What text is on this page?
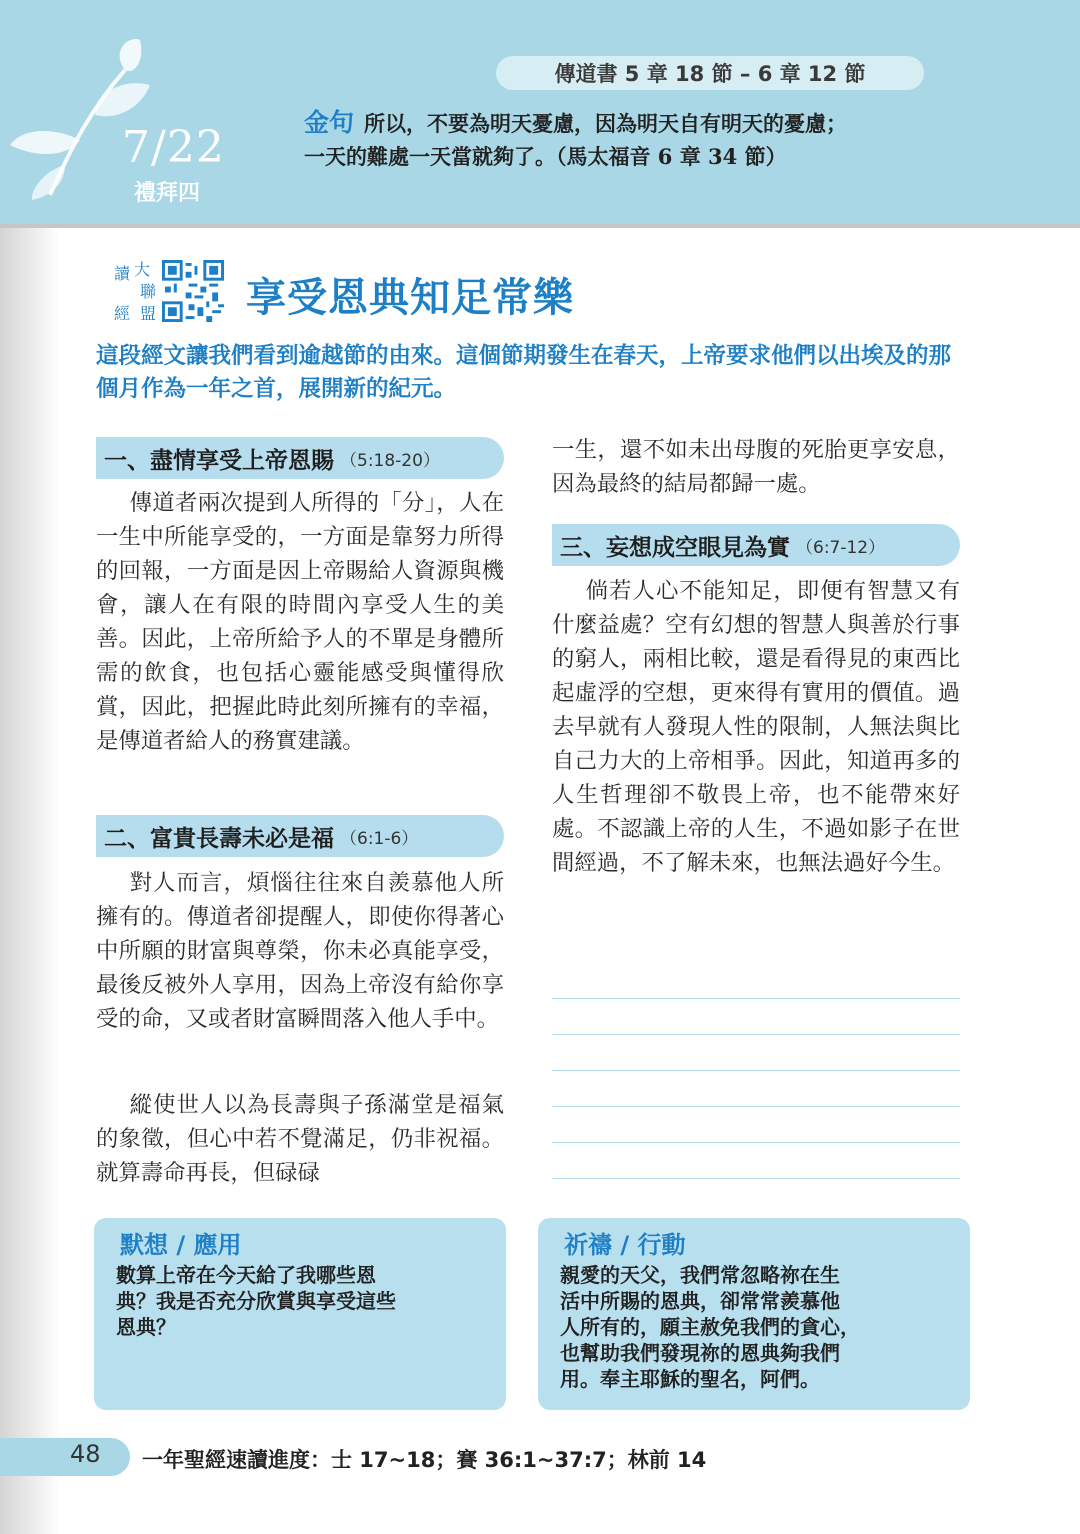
7/22
禮拜四
傳道書 5 章 18 節 – 6 章 12 節
金句 所以，不要為明天憂慮，因為明天自有明天的憂慮；
一天的難處一天當就夠了。（馬太福音 6 章 34 節）
讀 大
聯
經 盟 享受恩典知足常樂
這段經文讓我們看到逾越節的由來。這個節期發生在春天，上帝要求他們以出埃及的那個月作為一年之首，展開新的紀元。
一、盡情享受上帝恩賜 （5:18-20）

傳道者兩次提到人所得的「分」，人在一生中所能享受的，一方面是靠努力所得的回報，一方面是因上帝賜給人資源與機會，讓人在有限的時間內享受人生的美善。因此，上帝所給予人的不單是身體所需的飲食，也包括心靈能感受與懂得欣賞，因此，把握此時此刻所擁有的幸福，是傳道者給人的務實建議。

二、富貴長壽未必是福 （6:1-6）

對人而言，煩惱往往來自羨慕他人所擁有的。傳道者卻提醒人，即使你得著心中所願的財富與尊榮，你未必真能享受，最後反被外人享用，因為上帝沒有給你享受的命，又或者財富瞬間落入他人手中。

縱使世人以為長壽與子孫滿堂是福氣的象徵，但心中若不覺滿足，仍非祝福。就算壽命再長，但碌碌

一生，還不如未出母腹的死胎更享安息，因為最終的結局都歸一處。

三、妄想成空眼見為實 （6:7-12）

倘若人心不能知足，即便有智慧又有什麼益處？空有幻想的智慧人與善於行事的窮人，兩相比較，還是看得見的東西比起虛浮的空想，更來得有實用的價值。過去早就有人發現人性的限制，人無法與比自己力大的上帝相爭。因此，知道再多的人生哲理卻不敬畏上帝，也不能帶來好處。不認識上帝的人生，不過如影子在世間經過，不了解未來，也無法過好今生。

默想 / 應用
數算上帝在今天給了我哪些恩
典？我是否充分欣賞與享受這些
恩典？
祈禱 / 行動
親愛的天父，我們常忽略祢在生
活中所賜的恩典，卻常常羨慕他
人所有的，願主赦免我們的貪心，
也幫助我們發現祢的恩典夠我們
用。奉主耶穌的聖名，阿們。
48 一年聖經速讀進度：士 17~18；賽 36:1~37:7；林前 14
